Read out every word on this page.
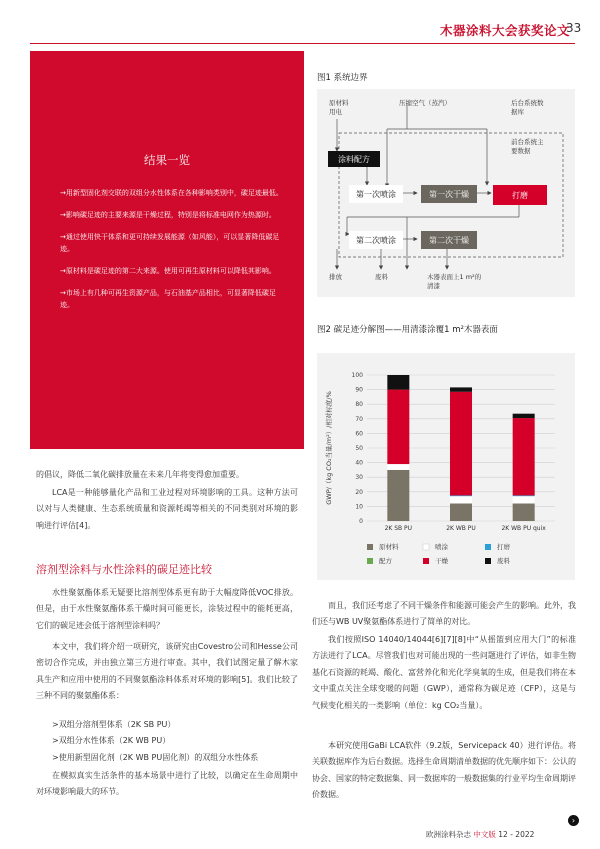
木器涂料大会获奖论文
33
结果一览
→用新型固化剂交联的双组分水性体系在各种影响类别中，碳足迹最低。
→影响碳足迹的主要来源是干燥过程，特别是将标准电网作为热源时。
→通过使用快干体系和更可持续发展能源（如风能），可以显著降低碳足迹。
→原材料是碳足迹的第二大来源。使用可再生原材料可以降低其影响。
→市场上有几种可再生资源产品，与石油基产品相比，可显著降低碳足迹。
图1 系统边界
原材料
用电
压缩空气（蒸汽）	后台系统数
据库
前台系统主
要数据
涂料配方
第一次喷涂	第一次干燥	打磨
第二次喷涂	第二次干燥
排放	废料	木器表面上1 m²的
清漆
图2 碳足迹分解图——用清漆涂覆1 m²木器表面
0
10
20
30
40
50
60
70
80
90
100
GWP/（kg CO₂当量/m²）/相对标度/%
2K SB PU	2K WB PU	2K WB PU quix
原材料	喷涂	打磨
配方	干燥	废料
的倡议，降低二氧化碳排放量在未来几年将变得愈加重要。
LCA是一种能够量化产品和工业过程对环境影响的工具。这种方法可以对与人类健康、生态系统质量和资源耗竭等相关的不同类别对环境的影响进行评估[4]。
溶剂型涂料与水性涂料的碳足迹比较
水性聚氨酯体系无疑要比溶剂型体系更有助于大幅度降低VOC排放。但是，由于水性聚氨酯体系干燥时间可能更长，涂装过程中的能耗更高，它们的碳足迹会低于溶剂型涂料吗？
本文中，我们将介绍一项研究，该研究由Covestro公司和Hesse公司密切合作完成，并由独立第三方进行审查。其中，我们试图定量了解木家具生产和应用中使用的不同聚氨酯涂料体系对环境的影响[5]。我们比较了三种不同的聚氨酯体系：
>双组分溶剂型体系（2K SB PU）
>双组分水性体系（2K WB PU）
>使用新型固化剂（2K WB PU固化剂）的双组分水性体系
在模拟真实生活条件的基本场景中进行了比较，以确定在生命周期中对环境影响最大的环节。
而且，我们还考虑了不同干燥条件和能源可能会产生的影响。此外，我们还与WB UV聚氨酯体系进行了简单的对比。
我们按照ISO 14040/14044[6][7][8]中“从摇篮到应用大门”的标准方法进行了LCA。尽管我们也对可能出现的一些问题进行了评估，如非生物基化石资源的耗竭、酸化、富营养化和光化学臭氧的生成，但是我们将在本文中重点关注全球变暖的问题（GWP），通常称为碳足迹（CFP），这是与气候变化相关的一类影响（单位：kg CO₂当量）。
本研究使用GaBi LCA软件（9.2版，Servicepack 40）进行评估。将关联数据库作为后台数据。选择生命周期清单数据的优先顺序如下：公认的协会、国家的特定数据集、同一数据库的一般数据集的行业平均生命周期评价数据。
›
欧洲涂料杂志 中文版 12 - 2022
